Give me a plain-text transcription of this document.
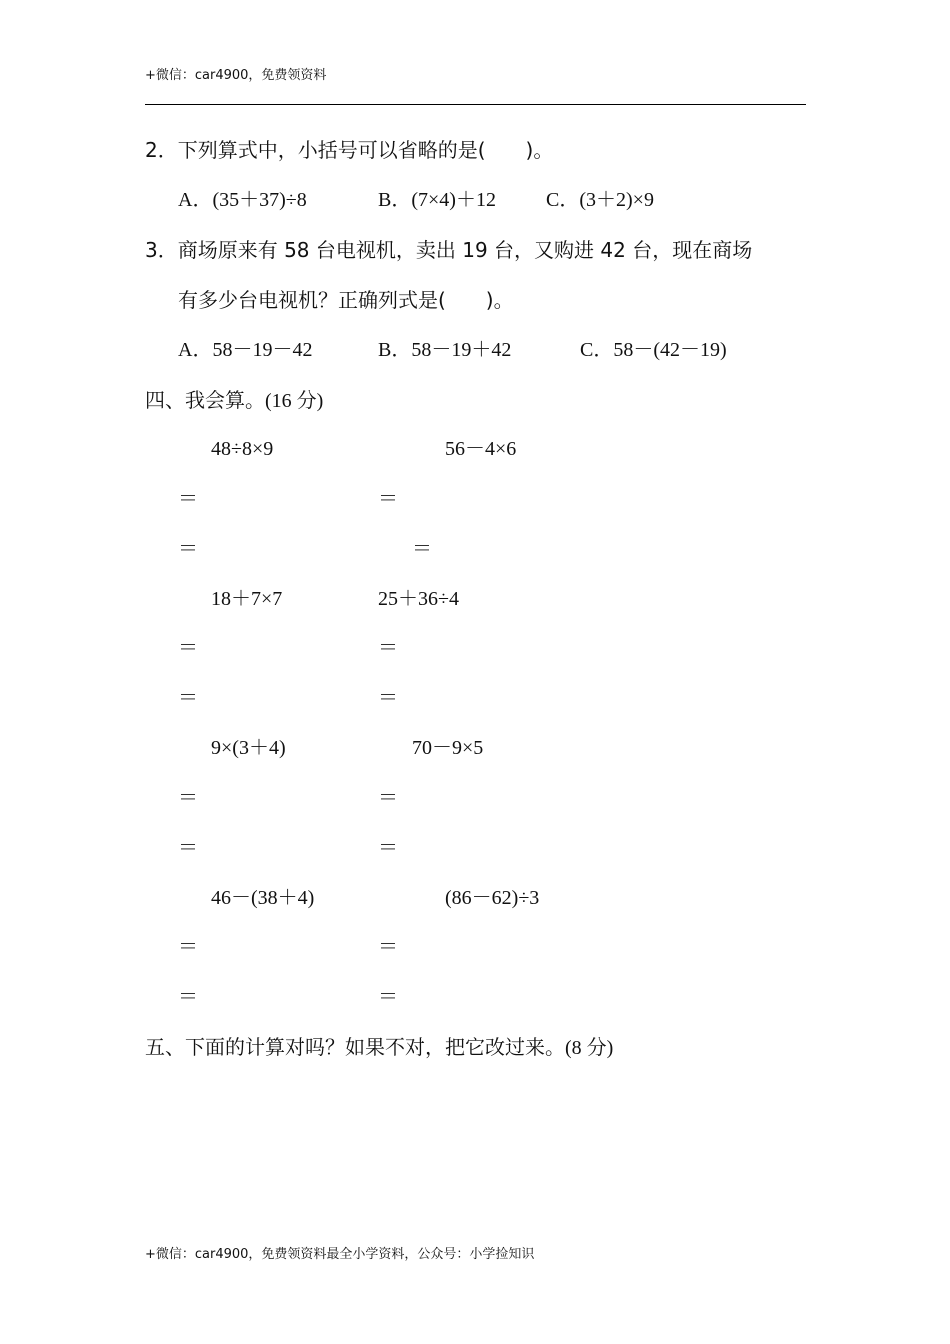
+微信：car4900，免费领资料
2．下列算式中，小括号可以省略的是(　　)。
A．(35＋37)÷8	B．(7×4)＋12	C．(3＋2)×9
3．商场原来有 58 台电视机，卖出 19 台，又购进 42 台，现在商场
有多少台电视机？正确列式是(　　)。
A．58－19－42	B．58－19＋42	C．58－(42－19)
四、我会算。(16 分)
48÷8×9	56－4×6
＝	＝
＝	＝
18＋7×7	25＋36÷4
＝	＝
＝	＝
9×(3＋4)	70－9×5
＝	＝
＝	＝
46－(38＋4)	(86－62)÷3
＝	＝
＝	＝
五、下面的计算对吗？如果不对，把它改过来。(8 分)
+微信：car4900，免费领资料最全小学资料，公众号：小学捡知识
